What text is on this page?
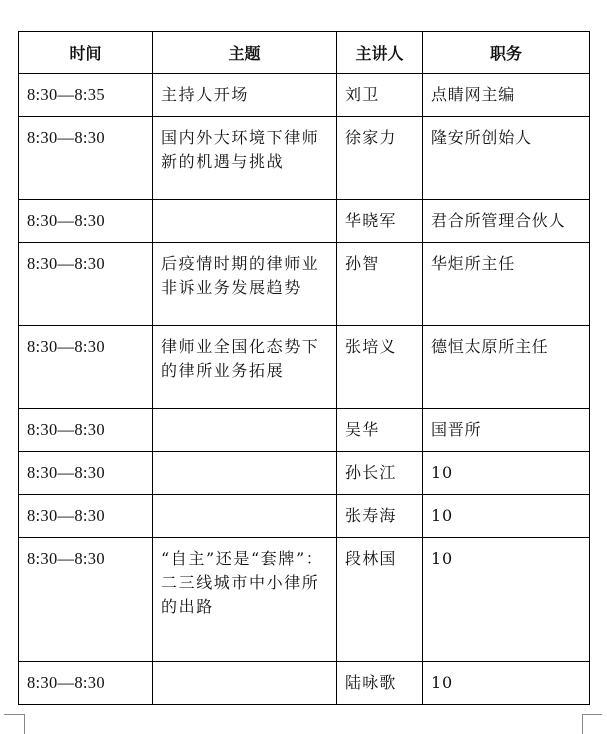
时间	主题	主讲人	职务
8:30—8:35	主持人开场	刘卫	点睛网主编
8:30—8:30	国内外大环境下律师新的机遇与挑战	徐家力	隆安所创始人
8:30—8:30		华晓军	君合所管理合伙人
8:30—8:30	后疫情时期的律师业非诉业务发展趋势	孙智	华炬所主任
8:30—8:30	律师业全国化态势下的律所业务拓展	张培义	德恒太原所主任
8:30—8:30		吴华	国晋所
8:30—8:30		孙长江	10
8:30—8:30		张寿海	10
8:30—8:30	“自主”还是“套牌”：二三线城市中小律所的出路	段林国	10
8:30—8:30		陆咏歌	10
